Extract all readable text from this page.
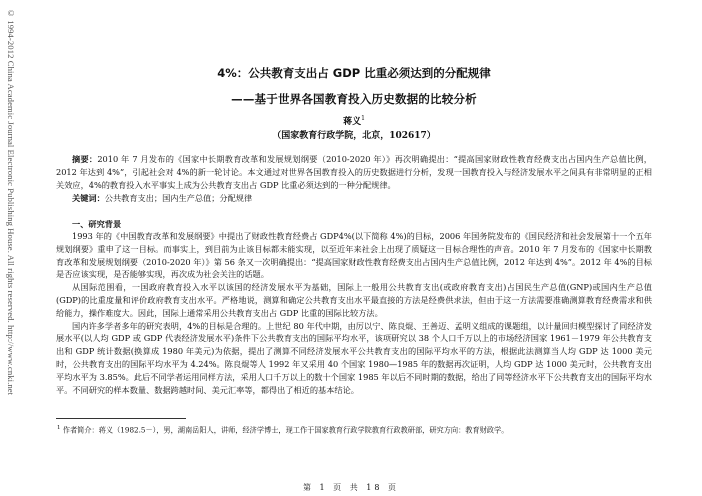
© 1994-2012 China Academic Journal Electronic Publishing House. All rights reserved. http://www.cnki.net	4%：公共教育支出占 GDP 比重必须达到的分配规律
——基于世界各国教育投入历史数据的比较分析
蒋义$^1$
（国家教育行政学院，北京，102617）
摘要：2010 年 7 月发布的《国家中长期教育改革和发展规划纲要（2010-2020 年）》再次明确提出：“提高国家财政性教育经费支出占国内生产总值比例，2012 年达到 4%”，引起社会对 4%的新一轮讨论。本文通过对世界各国教育投入的历史数据进行分析，发现一国教育投入与经济发展水平之间具有非常明显的正相关效应，4%的教育投入水平事实上成为公共教育支出占 GDP 比重必须达到的一种分配规律。
关键词：公共教育支出；国内生产总值；分配规律
一、研究背景

1993 年的《中国教育改革和发展纲要》中提出了财政性教育经费占 GDP4%(以下简称 4%)的目标，2006 年国务院发布的《国民经济和社会发展第十一个五年规划纲要》重申了这一目标。而事实上，到目前为止该目标都未能实现，以至近年来社会上出现了质疑这一目标合理性的声音。2010 年 7 月发布的《国家中长期教育改革和发展规划纲要（2010-2020 年）》第 56 条又一次明确提出：“提高国家财政性教育经费支出占国内生产总值比例，2012 年达到 4%”。2012 年 4%的目标是否应该实现，是否能够实现，再次成为社会关注的话题。

从国际范围看，一国政府教育投入水平以该国的经济发展水平为基础，国际上一般用公共教育支出(或政府教育支出)占国民生产总值(GNP)或国内生产总值(GDP)的比重度量和评价政府教育支出水平。严格地说，测算和确定公共教育支出水平最直接的方法是经费供求法，但由于这一方法需要准确测算教育经费需求和供给能力，操作难度大。因此，国际上通常采用公共教育支出占 GDP 比重的国际比较方法。

国内许多学者多年的研究表明，4%的目标是合理的。上世纪 80 年代中期，由厉以宁、陈良焜、王善迈、孟明义组成的课题组，以计量回归模型探讨了同经济发展水平(以人均 GDP 或 GDP 代表经济发展水平)条件下公共教育支出的国际平均水平，该项研究以 38 个人口千万以上的市场经济国家 1961－1979 年公共教育支出和 GDP 统计数据(换算成 1980 年美元)为依据，提出了测算不同经济发展水平公共教育支出的国际平均水平的方法，根据此法测算当人均 GDP 达 1000 美元时，公共教育支出的国际平均水平为 4.24%。陈良焜等人 1992 年又采用 40 个国家 1980—1985 年的数据再次证明，人均 GDP 达 1000 美元时，公共教育支出平均水平为 3.85%。此后不同学者运用同样方法，采用人口千万以上的数十个国家 1985 年以后不同时期的数据，给出了同等经济水平下公共教育支出的国际平均水平。不同研究的样本数量、数据跨越时间、美元汇率等，都得出了相近的基本结论。

$^1$ 作者简介：蒋义（1982.5－），男，湖南岳阳人，讲师，经济学博士，现工作于国家教育行政学院教育行政教研部，研究方向：教育财政学。
第 1 页 共 18 页
